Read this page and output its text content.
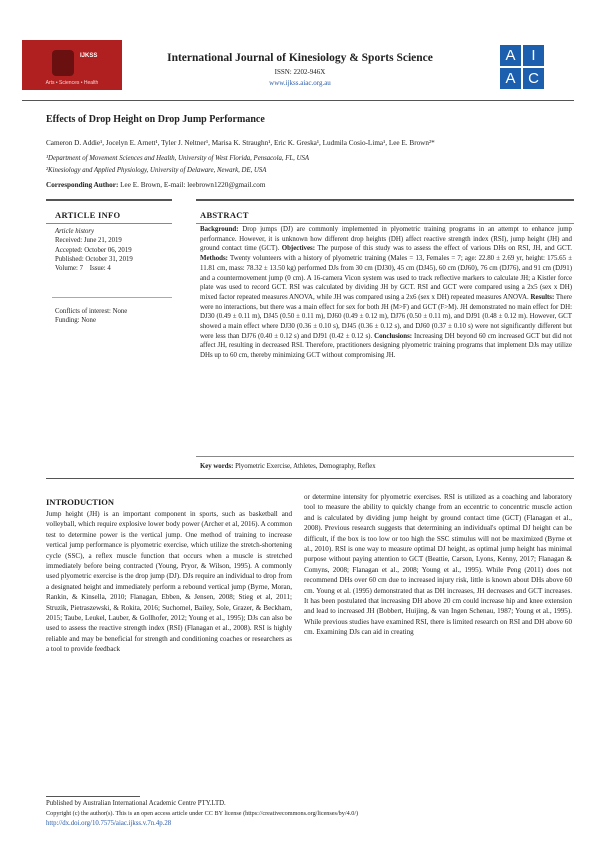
IJKSS
Arts • Sciences • Health
International Journal of Kinesiology & Sports Science
ISSN: 2202-946X
www.ijkss.aiac.org.au
A	I
A C
Effects of Drop Height on Drop Jump Performance
Cameron D. Addie¹, Jocelyn E. Arnett¹, Tyler J. Neltner¹, Marisa K. Straughn¹, Eric K. Greska¹, Ludmila Cosio-Lima¹, Lee E. Brown²*
¹Department of Movement Sciences and Health, University of West Florida, Pensacola, FL, USA
²Kinesiology and Applied Physiology, University of Delaware, Newark, DE, USA
Corresponding Author: Lee E. Brown, E-mail: leebrown1220@gmail.com
ARTICLE INFO	ABSTRACT
Article history
Received: June 21, 2019
Accepted: October 06, 2019
Published: October 31, 2019
Volume: 7    Issue: 4
Conflicts of interest: None
Funding: None
Background: Drop jumps (DJ) are commonly implemented in plyometric training programs in an attempt to enhance jump performance. However, it is unknown how different drop heights (DH) affect reactive strength index (RSI), jump height (JH) and ground contact time (GCT). Objectives: The purpose of this study was to assess the effect of various DHs on RSI, JH, and GCT. Methods: Twenty volunteers with a history of plyometric training (Males = 13, Females = 7; age: 22.80 ± 2.69 yr, height: 175.65 ± 11.81 cm, mass: 78.32 ± 13.50 kg) performed DJs from 30 cm (DJ30), 45 cm (DJ45), 60 cm (DJ60), 76 cm (DJ76), and 91 cm (DJ91) and a countermovement jump (0 cm). A 16-camera Vicon system was used to track reflective markers to calculate JH; a Kistler force plate was used to record GCT. RSI was calculated by dividing JH by GCT. RSI and GCT were compared using a 2x5 (sex x DH) mixed factor repeated measures ANOVA, while JH was compared using a 2x6 (sex x DH) repeated measures ANOVA. Results: There were no interactions, but there was a main effect for sex for both JH (M>F) and GCT (F>M). JH demonstrated no main effect for DH: DJ30 (0.49 ± 0.11 m), DJ45 (0.50 ± 0.11 m), DJ60 (0.49 ± 0.12 m), DJ76 (0.50 ± 0.11 m), and DJ91 (0.48 ± 0.12 m). However, GCT showed a main effect where DJ30 (0.36 ± 0.10 s), DJ45 (0.36 ± 0.12 s), and DJ60 (0.37 ± 0.10 s) were not significantly different but were less than DJ76 (0.40 ± 0.12 s) and DJ91 (0.42 ± 0.12 s). Conclusions: Increasing DH beyond 60 cm increased GCT but did not affect JH, resulting in decreased RSI. Therefore, practitioners designing plyometric training programs that implement DJs may utilize DHs up to 60 cm, thereby minimizing GCT without compromising JH.
Key words: Plyometric Exercise, Athletes, Demography, Reflex
INTRODUCTION
Jump height (JH) is an important component in sports, such as basketball and volleyball, which require explosive lower body power (Archer et al, 2016). A common test to determine power is the vertical jump. One method of training to increase vertical jump performance is plyometric exercise, which utilize the stretch-shortening cycle (SSC), a reflex muscle function that occurs when a muscle is stretched immediately before being contracted (Young, Pryor, & Wilson, 1995). A commonly used plyometric exercise is the drop jump (DJ). DJs require an individual to drop from a designated height and immediately perform a rebound vertical jump (Byrne, Moran, Rankin, & Kinsella, 2010; Flanagan, Ebben, & Jensen, 2008; Stieg et al, 2011; Struzik, Pietraszewski, & Rokita, 2016; Suchomel, Bailey, Sole, Grazer, & Beckham, 2015; Taube, Leukel, Lauber, & Gollhofer, 2012; Young et al., 1995); DJs can also be used to assess the reactive strength index (RSI) (Flanagan et al., 2008). RSI is highly reliable and may be beneficial for strength and conditioning coaches or researchers as a tool to provide feedback
or determine intensity for plyometric exercises. RSI is utilized as a coaching and laboratory tool to measure the ability to quickly change from an eccentric to concentric muscle action and is calculated by dividing jump height by ground contact time (GCT) (Flanagan et al., 2008). Previous research suggests that determining an individual's optimal DJ height can be difficult, if the box is too low or too high the SSC stimulus will not be maximized (Byrne et al., 2010). RSI is one way to measure optimal DJ height, as optimal jump height has minimal purpose without paying attention to GCT (Beattie, Carson, Lyons, Kenny, 2017; Flanagan & Comyns, 2008; Flanagan et al., 2008; Young et al., 1995). While Peng (2011) does not recommend DHs over 60 cm due to increased injury risk, little is known about DHs above 60 cm. Young et al. (1995) demonstrated that as DH increases, JH decreases and GCT increases. It has been postulated that increasing DH above 20 cm could increase hip and knee extension and lead to increased JH (Bobbert, Huijing, & van Ingen Schenau, 1987; Young et al., 1995). While previous studies have examined RSI, there is limited research on RSI and DH above 60 cm. Examining DJs can aid in creating
Published by Australian International Academic Centre PTY.LTD.
Copyright (c) the author(s). This is an open access article under CC BY license (https://creativecommons.org/licenses/by/4.0/)
http://dx.doi.org/10.7575/aiac.ijkss.v.7n.4p.28
